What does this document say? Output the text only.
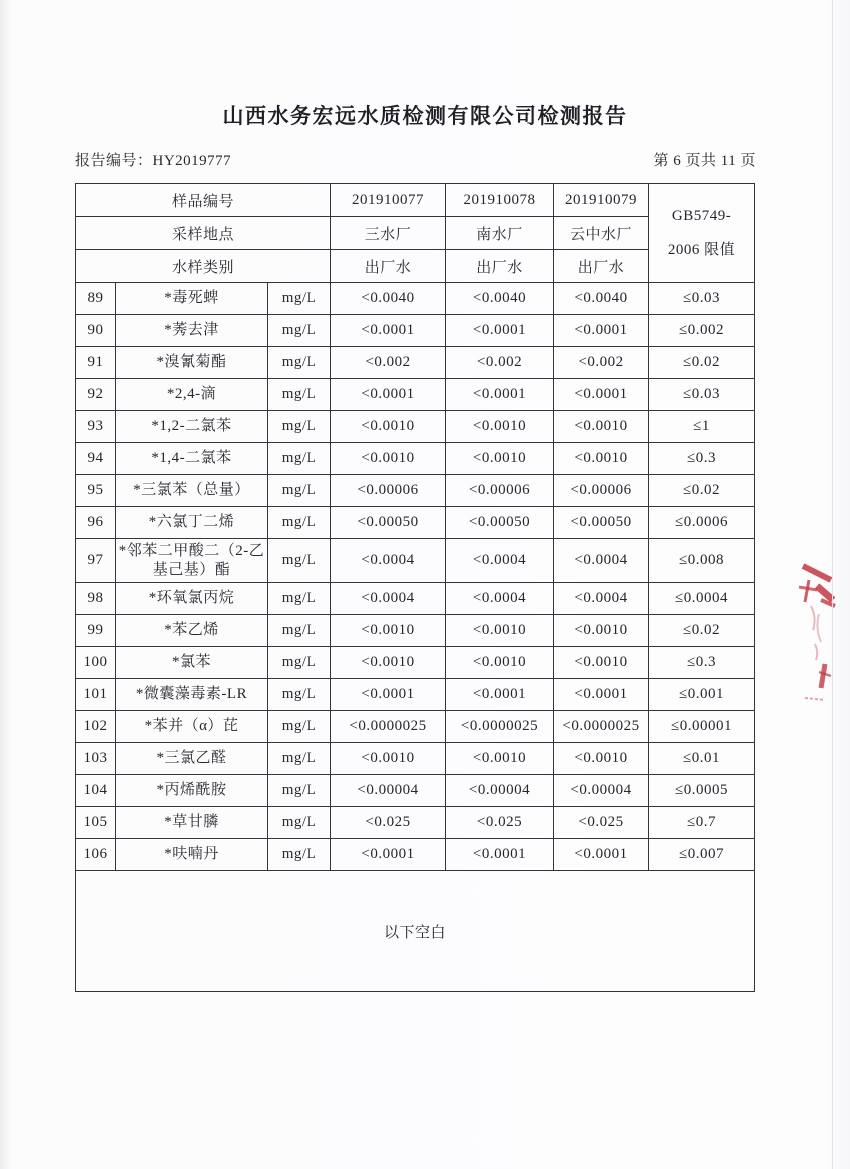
山西水务宏远水质检测有限公司检测报告
报告编号：HY2019777	第 6 页共 11 页
样品编号			201910077	201910078	201910079	GB5749-
2006 限值

采样地点			三水厂	南水厂	云中水厂	
水样类别			出厂水	出厂水	出厂水	
89	*毒死蜱	mg/L	<0.0040	<0.0040	<0.0040	≤0.03
90	*莠去津	mg/L	<0.0001	<0.0001	<0.0001	≤0.002
91	*溴氰菊酯	mg/L	<0.002	<0.002	<0.002	≤0.02
92	*2,4-滴	mg/L	<0.0001	<0.0001	<0.0001	≤0.03
93	*1,2-二氯苯	mg/L	<0.0010	<0.0010	<0.0010	≤1
94	*1,4-二氯苯	mg/L	<0.0010	<0.0010	<0.0010	≤0.3
95	*三氯苯（总量）	mg/L	<0.00006	<0.00006	<0.00006	≤0.02
96	*六氯丁二烯	mg/L	<0.00050	<0.00050	<0.00050	≤0.0006
97	*邻苯二甲酸二（2-乙基己基）酯	mg/L	<0.0004	<0.0004	<0.0004	≤0.008
98	*环氧氯丙烷	mg/L	<0.0004	<0.0004	<0.0004	≤0.0004
99	*苯乙烯	mg/L	<0.0010	<0.0010	<0.0010	≤0.02
100	*氯苯	mg/L	<0.0010	<0.0010	<0.0010	≤0.3
101	*微囊藻毒素-LR	mg/L	<0.0001	<0.0001	<0.0001	≤0.001
102	*苯并（α）芘	mg/L	<0.0000025	<0.0000025	<0.0000025	≤0.00001
103	*三氯乙醛	mg/L	<0.0010	<0.0010	<0.0010	≤0.01
104	*丙烯酰胺	mg/L	<0.00004	<0.00004	<0.00004	≤0.0005
105	*草甘膦	mg/L	<0.025	<0.025	<0.025	≤0.7
106	*呋喃丹	mg/L	<0.0001	<0.0001	<0.0001	≤0.007
以下空白						
